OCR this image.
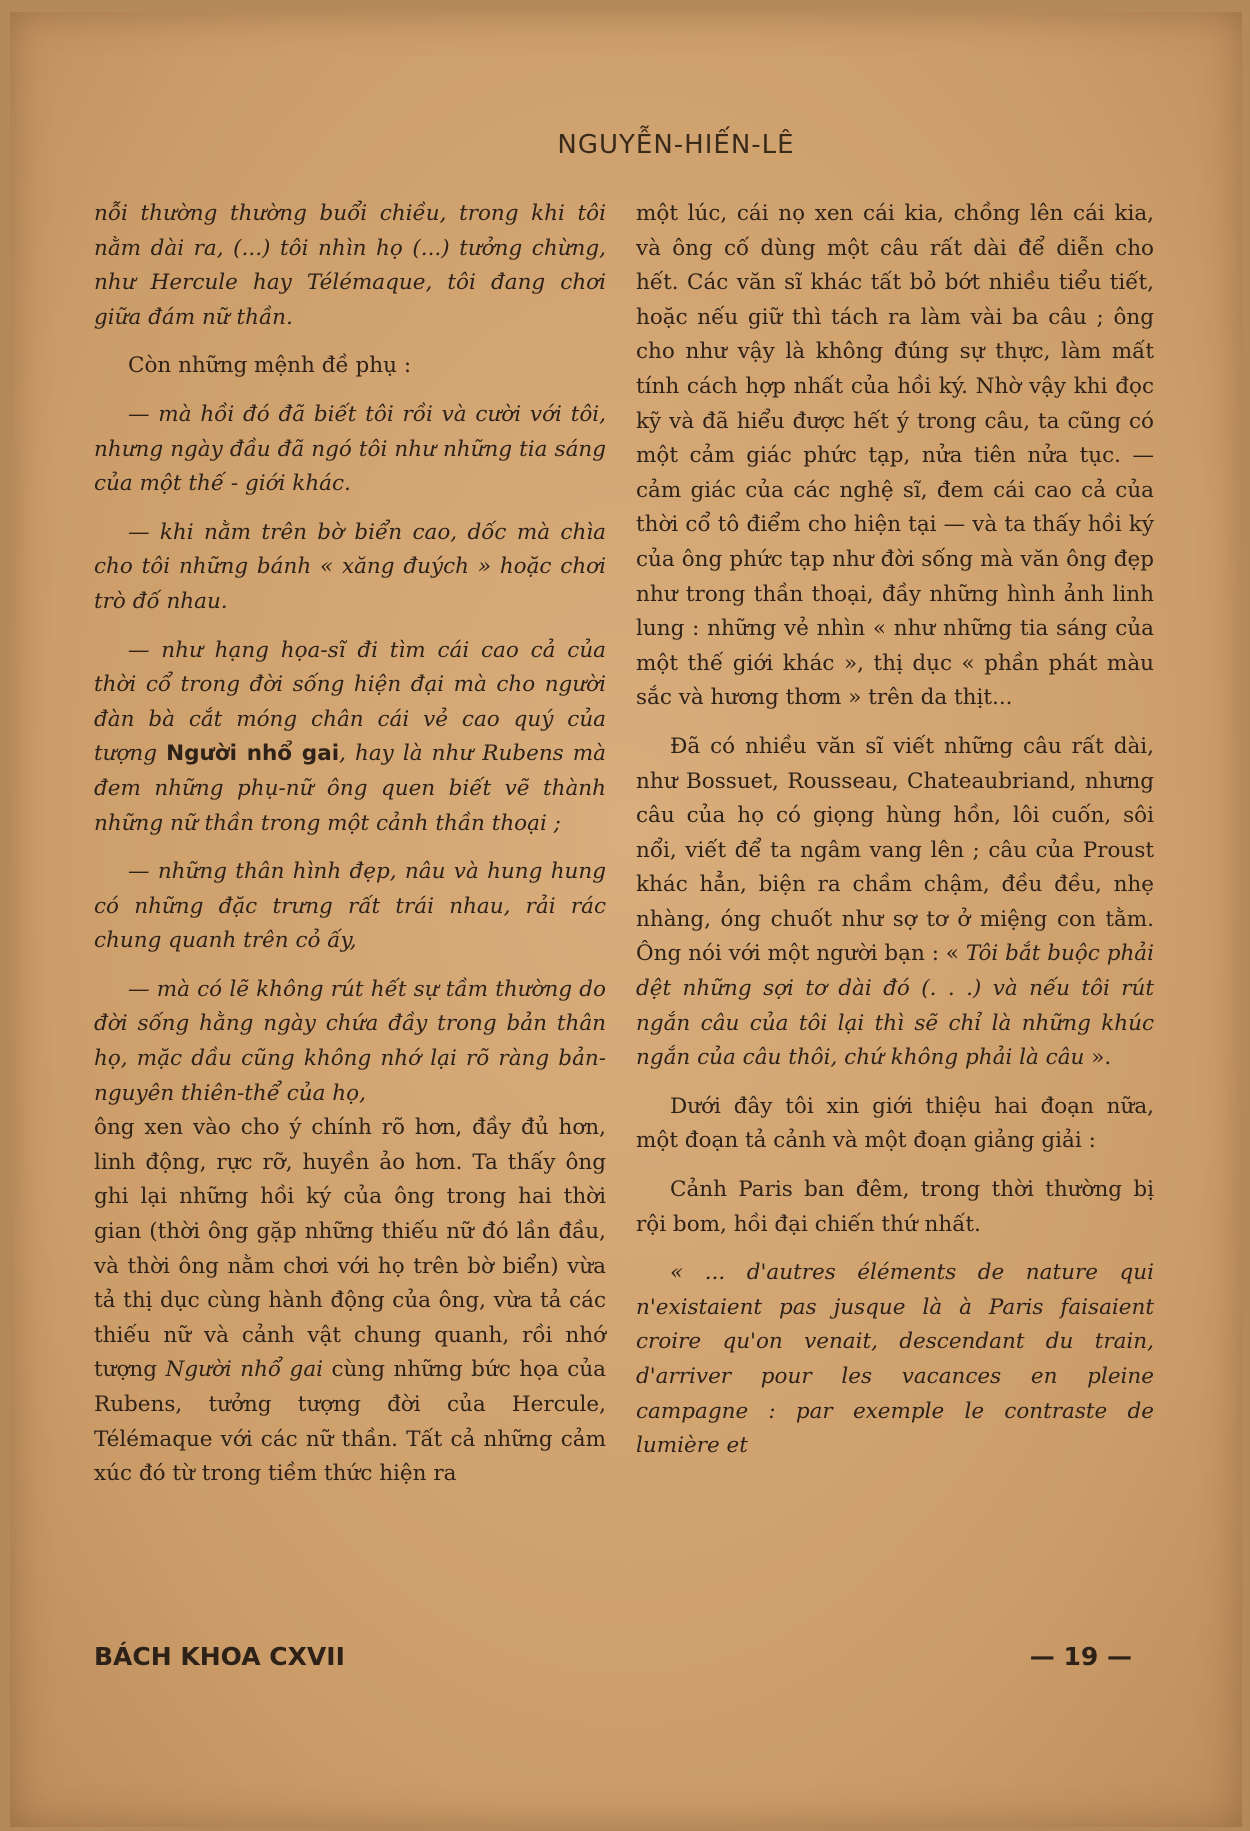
NGUYỄN-HIẾN-LÊ

nỗi thường thường buổi chiều, trong khi tôi nằm dài ra, (...) tôi nhìn họ (...) tưởng chừng, như Hercule hay Télémaque, tôi đang chơi giữa đám nữ thần.

Còn những mệnh đề phụ :

— mà hồi đó đã biết tôi rồi và cười với tôi, nhưng ngày đầu đã ngó tôi như những tia sáng của một thế - giới khác.

— khi nằm trên bờ biển cao, dốc mà chìa cho tôi những bánh « xăng đuých » hoặc chơi trò đố nhau.

— như hạng họa-sĩ đi tìm cái cao cả của thời cổ trong đời sống hiện đại mà cho người đàn bà cắt móng chân cái vẻ cao quý của tượng Người nhổ gai, hay là như Rubens mà đem những phụ-nữ ông quen biết vẽ thành những nữ thần trong một cảnh thần thoại ;

— những thân hình đẹp, nâu và hung hung có những đặc trưng rất trái nhau, rải rác chung quanh trên cỏ ấy,

— mà có lẽ không rút hết sự tầm thường do đời sống hằng ngày chứa đầy trong bản thân họ, mặc dầu cũng không nhớ lại rõ ràng bản-nguyên thiên-thể của họ,

ông xen vào cho ý chính rõ hơn, đầy đủ hơn, linh động, rực rỡ, huyền ảo hơn. Ta thấy ông ghi lại những hồi ký của ông trong hai thời gian (thời ông gặp những thiếu nữ đó lần đầu, và thời ông nằm chơi với họ trên bờ biển) vừa tả thị dục cùng hành động của ông, vừa tả các thiếu nữ và cảnh vật chung quanh, rồi nhớ tượng Người nhổ gai cùng những bức họa của Rubens, tưởng tượng đời của Hercule, Télémaque với các nữ thần. Tất cả những cảm xúc đó từ trong tiềm thức hiện ra

một lúc, cái nọ xen cái kia, chồng lên cái kia, và ông cố dùng một câu rất dài để diễn cho hết. Các văn sĩ khác tất bỏ bớt nhiều tiểu tiết, hoặc nếu giữ thì tách ra làm vài ba câu ; ông cho như vậy là không đúng sự thực, làm mất tính cách hợp nhất của hồi ký. Nhờ vậy khi đọc kỹ và đã hiểu được hết ý trong câu, ta cũng có một cảm giác phức tạp, nửa tiên nửa tục. — cảm giác của các nghệ sĩ, đem cái cao cả của thời cổ tô điểm cho hiện tại — và ta thấy hồi ký của ông phức tạp như đời sống mà văn ông đẹp như trong thần thoại, đầy những hình ảnh linh lung : những vẻ nhìn « như những tia sáng của một thế giới khác », thị dục « phần phát màu sắc và hương thơm » trên da thịt...

Đã có nhiều văn sĩ viết những câu rất dài, như Bossuet, Rousseau, Chateaubriand, nhưng câu của họ có giọng hùng hồn, lôi cuốn, sôi nổi, viết để ta ngâm vang lên ; câu của Proust khác hẳn, biện ra chầm chậm, đều đều, nhẹ nhàng, óng chuốt như sợ tơ ở miệng con tằm. Ông nói với một người bạn : « Tôi bắt buộc phải dệt những sợi tơ dài đó (. . .) và nếu tôi rút ngắn câu của tôi lại thì sẽ chỉ là những khúc ngắn của câu thôi, chứ không phải là câu ».

Dưới đây tôi xin giới thiệu hai đoạn nữa, một đoạn tả cảnh và một đoạn giảng giải :

Cảnh Paris ban đêm, trong thời thường bị rội bom, hồi đại chiến thứ nhất.

« ... d'autres éléments de nature qui n'existaient pas jusque là à Paris faisaient croire qu'on venait, descendant du train, d'arriver pour les vacances en pleine campagne : par exemple le contraste de lumière et

BÁCH KHOA CXVII	— 19 —
